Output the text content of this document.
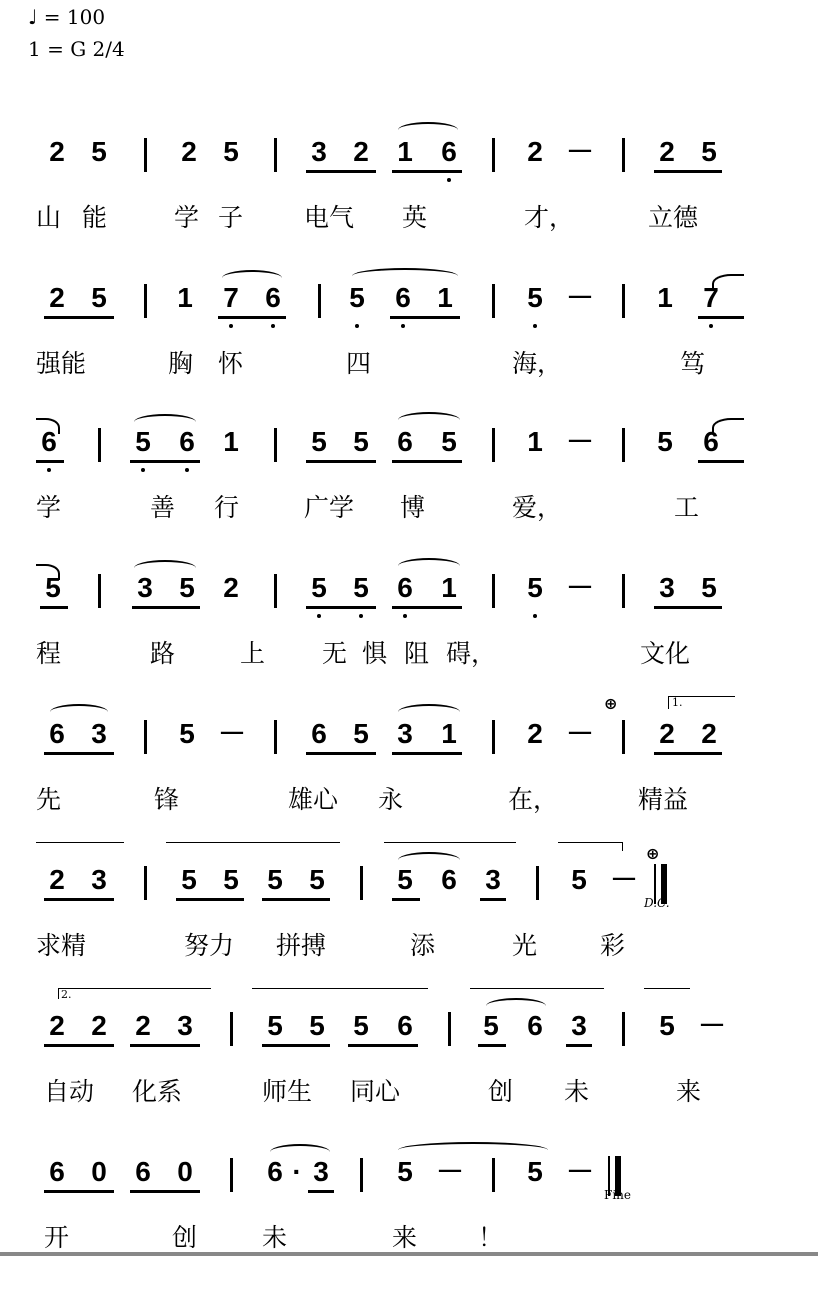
♩ = 100
1 = G 2/4
2 5	2 5	3 2 1 6	2 － 2 5
山 能	学 子 电气 英	才，	立德
2 5	1 7 6 5 6 1	5 － 1 7
强能	胸 怀	四	海，	笃
6	5 6 1	5 5 6 5	1 － 5 6
学	善 行	广学 博	爱，	工
5	3 5 2	5 5 6 1	5 － 3 5
程	路	上 无 惧 阻 碍，	文化
6 3	5 － 6 5 3 1	2 －
⊕	1.
2 2
先	锋	雄心 永	在，	精益
2 3	5 5 5 5	5 6 3	5 －
⊕
D.C.
求精	努力 拼搏	添	光	彩
2.
2 2 2 3	5 5 5 6	5 6 3	5 －
自动 化系	师生 同心	创 未	来
6 0 6 0	6 · 3 5 － 5 －
Fine
开	创	未	来 ！
